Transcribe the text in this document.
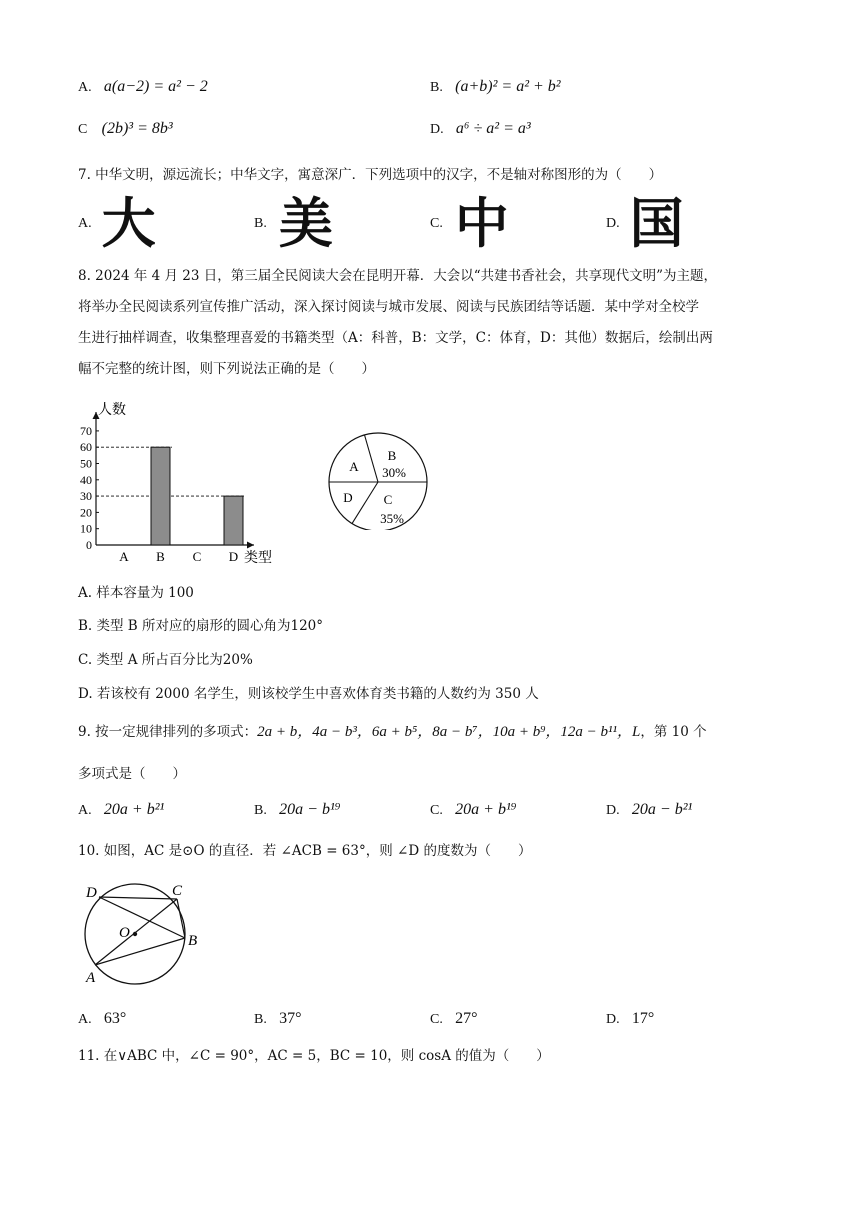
A. a(a−2) = a² − 2	B. (a+b)² = a² + b²
C (2b)³ = 8b³	D. a⁶ ÷ a² = a³
7. 中华文明，源远流长；中华文字，寓意深广．下列选项中的汉字，不是轴对称图形的为（　　）
A. 大	B. 美	C. 中	D. 国
8. 2024 年 4 月 23 日，第三届全民阅读大会在昆明开幕．大会以“共建书香社会，共享现代文明”为主题，
将举办全民阅读系列宣传推广活动，深入探讨阅读与城市发展、阅读与民族团结等话题．某中学对全校学
生进行抽样调查，收集整理喜爱的书籍类型（A：科普，B：文学，C：体育，D：其他）数据后，绘制出两
幅不完整的统计图，则下列说法正确的是（　　）
0
10
20
30
40
50
60
70
A B C D
人数
类型
A
B
30%
C
35%
D
A. 样本容量为 100
B. 类型 B 所对应的扇形的圆心角为120°
C. 类型 A 所占百分比为20%
D. 若该校有 2000 名学生，则该校学生中喜欢体育类书籍的人数约为 350 人
9. 按一定规律排列的多项式：2a + b，4a − b³，6a + b⁵，8a − b⁷，10a + b⁹，12a − b¹¹，L，第 10 个
多项式是（　　）
A. 20a + b²¹	B. 20a − b¹⁹	C. 20a + b¹⁹	D. 20a − b²¹
10. 如图，AC 是⊙O 的直径．若 ∠ACB = 63°，则 ∠D 的度数为（　　）
D	C
O	B
A
A. 63°	B. 37°	C. 27°	D. 17°
11. 在∨ABC 中，∠C = 90°，AC = 5，BC = 10，则 cosA 的值为（　　）
